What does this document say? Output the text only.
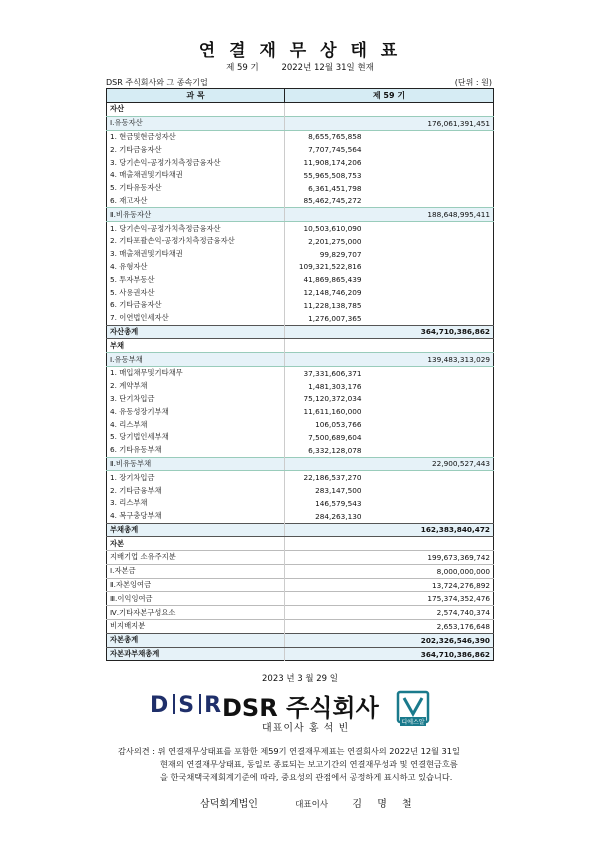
연 결 재 무 상 태 표
제 59 기	2022년 12월 31일 현재
DSR 주식회사와 그 종속기업	(단위 : 원)
과 목	제 59 기	
자산		
Ⅰ.유동자산		176,061,391,451
1. 현금및현금성자산	8,655,765,858	
2. 기타금융자산	7,707,745,564	
3. 당기손익-공정가치측정금융자산	11,908,174,206	
4. 매출채권및기타채권	55,965,508,753	
5. 기타유동자산	6,361,451,798	
6. 재고자산	85,462,745,272	
Ⅱ.비유동자산		188,648,995,411
1. 당기손익-공정가치측정금융자산	10,503,610,090	
2. 기타포괄손익-공정가치측정금융자산	2,201,275,000	
3. 매출채권및기타채권	99,829,707	
4. 유형자산	109,321,522,816	
5. 투자부동산	41,869,865,439	
5. 사용권자산	12,148,746,209	
6. 기타금융자산	11,228,138,785	
7. 이연법인세자산	1,276,007,365	
자산총계		364,710,386,862
부채		
Ⅰ.유동부채		139,483,313,029
1. 매입채무및기타채무	37,331,606,371	
2. 계약부채	1,481,303,176	
3. 단기차입금	75,120,372,034	
4. 유동성장기부채	11,611,160,000	
4. 리스부채	106,053,766	
5. 당기법인세부채	7,500,689,604	
6. 기타유동부채	6,332,128,078	
Ⅱ.비유동부채		22,900,527,443
1. 장기차입금	22,186,537,270	
2. 기타금융부채	283,147,500	
3. 리스부채	146,579,543	
4. 복구충당부채	284,263,130	
부채총계		162,383,840,472
자본		
지배기업 소유주지분		199,673,369,742
Ⅰ.자본금		8,000,000,000
Ⅱ.자본잉여금		13,724,276,892
Ⅲ.이익잉여금		175,374,352,476
Ⅳ.기타자본구성요소		2,574,740,374
비지배지분		2,653,176,648
자본총계		202,326,546,390
자본과부채총계		364,710,386,862
2023 년 3 월 29 일
D S R
DSR 주식회사
대표이사 홍 석 빈
디에스알
감사의견 : 위 연결재무상태표를 포함한 제59기 연결재무제표는 연결회사의 2022년 12월 31일
현재의 연결재무상태표, 동일로 종료되는 보고기간의 연결재무성과 및 연결현금흐름
을 한국채택국제회계기준에 따라, 중요성의 관점에서 공정하게 표시하고 있습니다.
삼덕회계법인	대표이사 김 명 철
